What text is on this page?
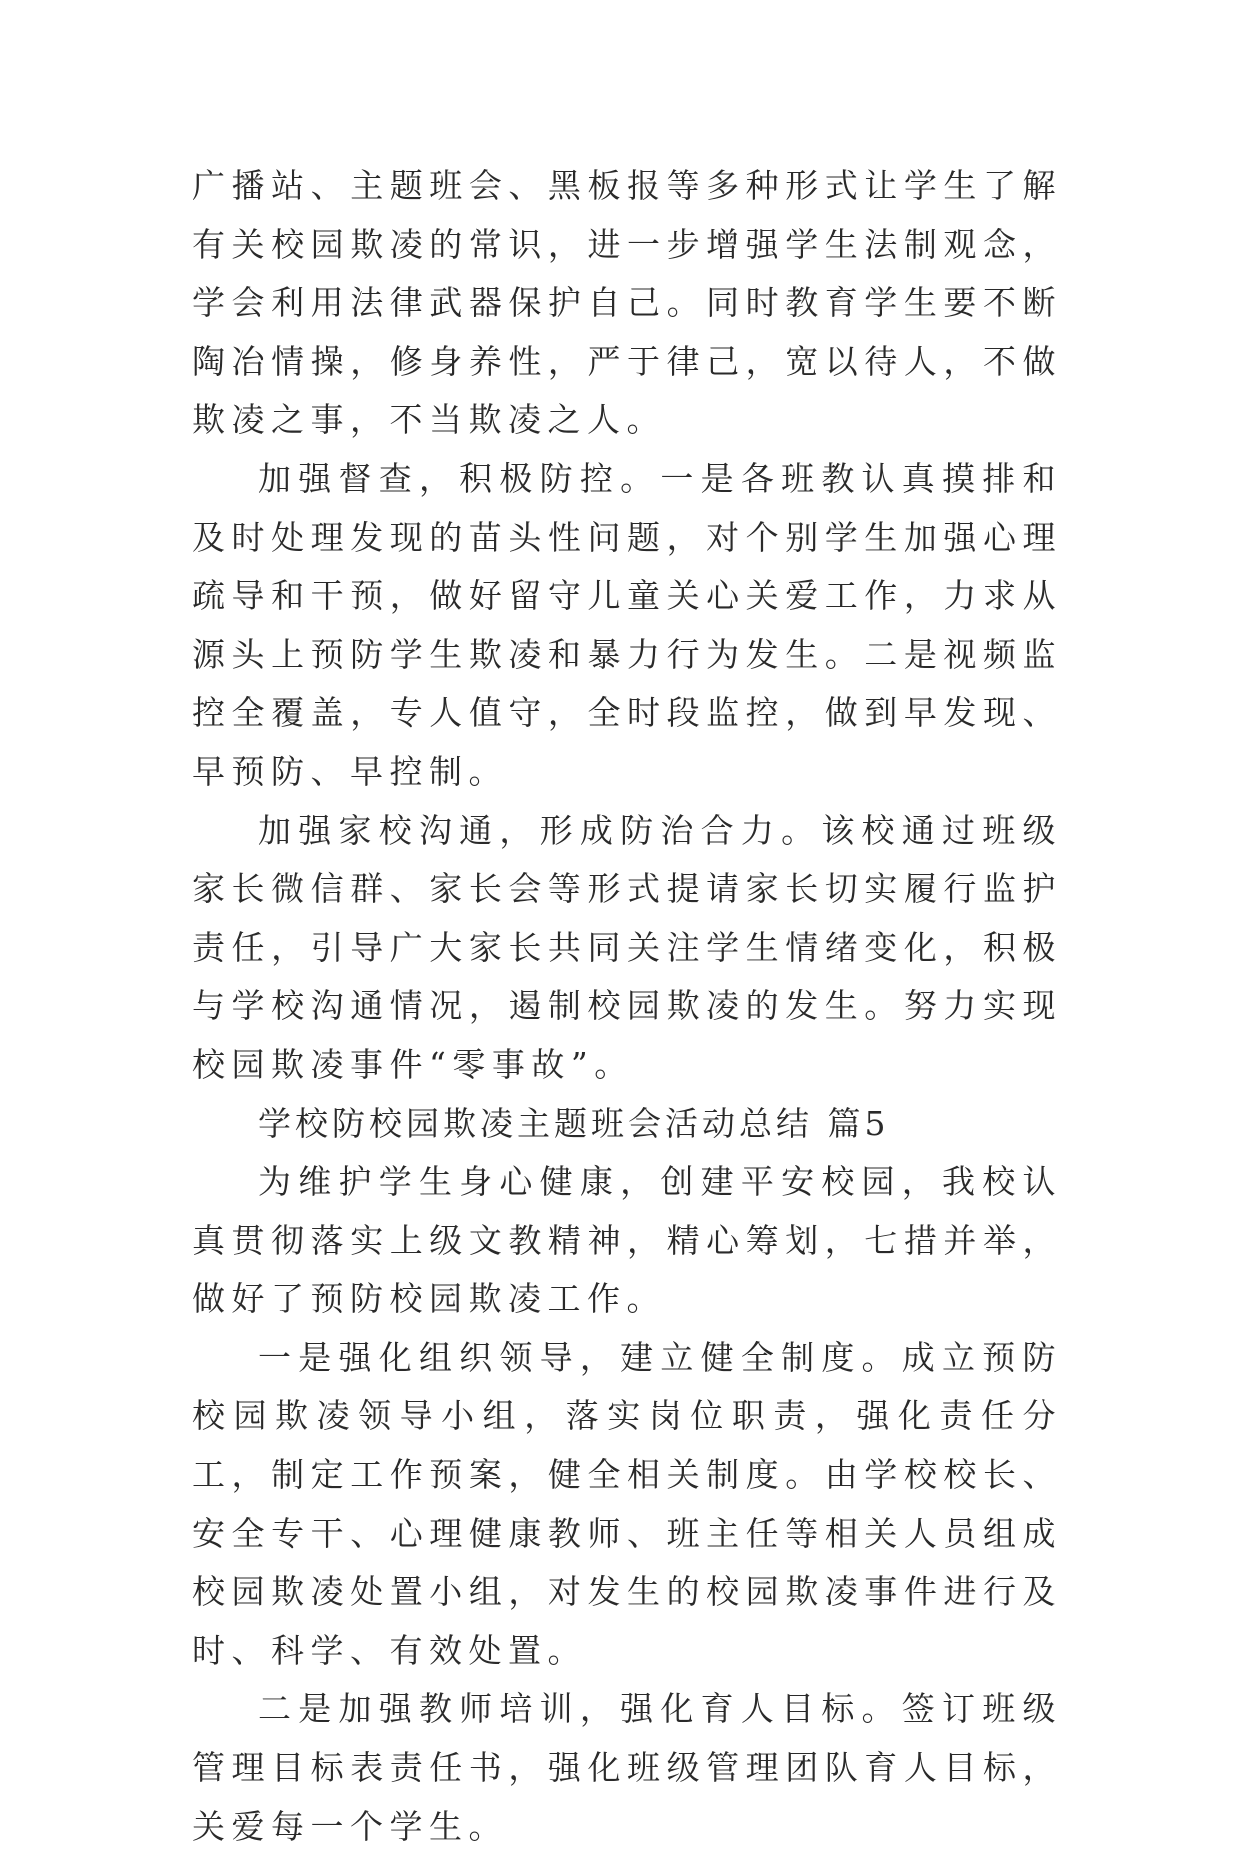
广播站、主题班会、黑板报等多种形式让学生了解有关校园欺凌的常识，进一步增强学生法制观念，学会利用法律武器保护自己。同时教育学生要不断陶冶情操，修身养性，严于律己，宽以待人，不做欺凌之事，不当欺凌之人。

加强督查，积极防控。一是各班教认真摸排和及时处理发现的苗头性问题，对个别学生加强心理疏导和干预，做好留守儿童关心关爱工作，力求从源头上预防学生欺凌和暴力行为发生。二是视频监控全覆盖，专人值守，全时段监控，做到早发现、早预防、早控制。

加强家校沟通，形成防治合力。该校通过班级家长微信群、家长会等形式提请家长切实履行监护责任，引导广大家长共同关注学生情绪变化，积极与学校沟通情况，遏制校园欺凌的发生。努力实现校园欺凌事件“零事故”。

学校防校园欺凌主题班会活动总结 篇5

为维护学生身心健康，创建平安校园，我校认真贯彻落实上级文教精神，精心筹划，七措并举，做好了预防校园欺凌工作。

一是强化组织领导，建立健全制度。成立预防校园欺凌领导小组，落实岗位职责，强化责任分工，制定工作预案，健全相关制度。由学校校长、安全专干、心理健康教师、班主任等相关人员组成校园欺凌处置小组，对发生的校园欺凌事件进行及时、科学、有效处置。

二是加强教师培训，强化育人目标。签订班级管理目标表责任书，强化班级管理团队育人目标，关爱每一个学生。
